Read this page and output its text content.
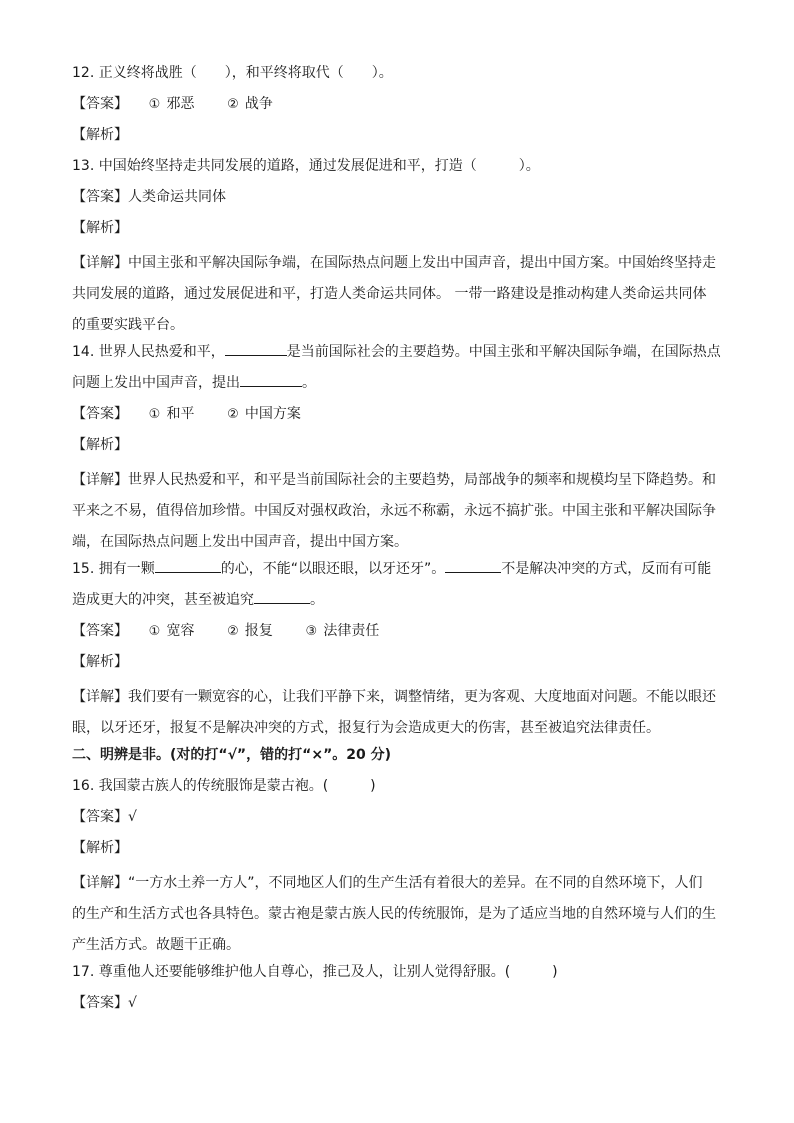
12. 正义终将战胜（　　），和平终将取代（　　）。
【答案】 ① 邪恶	② 战争
【解析】
13. 中国始终坚持走共同发展的道路，通过发展促进和平，打造（　　　）。
【答案】人类命运共同体
【解析】
【详解】中国主张和平解决国际争端，在国际热点问题上发出中国声音，提出中国方案。中国始终坚持走
共同发展的道路，通过发展促进和平，打造人类命运共同体。 一带一路建设是推动构建人类命运共同体
的重要实践平台。
14. 世界人民热爱和平，	是当前国际社会的主要趋势。中国主张和平解决国际争端，在国际热点
问题上发出中国声音，提出	。
【答案】 ① 和平	② 中国方案
【解析】
【详解】世界人民热爱和平，和平是当前国际社会的主要趋势，局部战争的频率和规模均呈下降趋势。和
平来之不易，值得倍加珍惜。中国反对强权政治，永远不称霸，永远不搞扩张。中国主张和平解决国际争
端，在国际热点问题上发出中国声音，提出中国方案。
15. 拥有一颗	的心，不能“以眼还眼，以牙还牙”。	不是解决冲突的方式，反而有可能
造成更大的冲突，甚至被追究	。
【答案】 ① 宽容	② 报复	③ 法律责任
【解析】
【详解】我们要有一颗宽容的心，让我们平静下来，调整情绪，更为客观、大度地面对问题。不能以眼还
眼，以牙还牙，报复不是解决冲突的方式，报复行为会造成更大的伤害，甚至被追究法律责任。
二、明辨是非。(对的打“√”，错的打“×”。20 分)
16. 我国蒙古族人的传统服饰是蒙古袍。(　　　)
【答案】√
【解析】
【详解】“一方水土养一方人”，不同地区人们的生产生活有着很大的差异。在不同的自然环境下，人们
的生产和生活方式也各具特色。蒙古袍是蒙古族人民的传统服饰，是为了适应当地的自然环境与人们的生
产生活方式。故题干正确。
17. 尊重他人还要能够维护他人自尊心，推己及人，让别人觉得舒服。(　　　)
【答案】√
